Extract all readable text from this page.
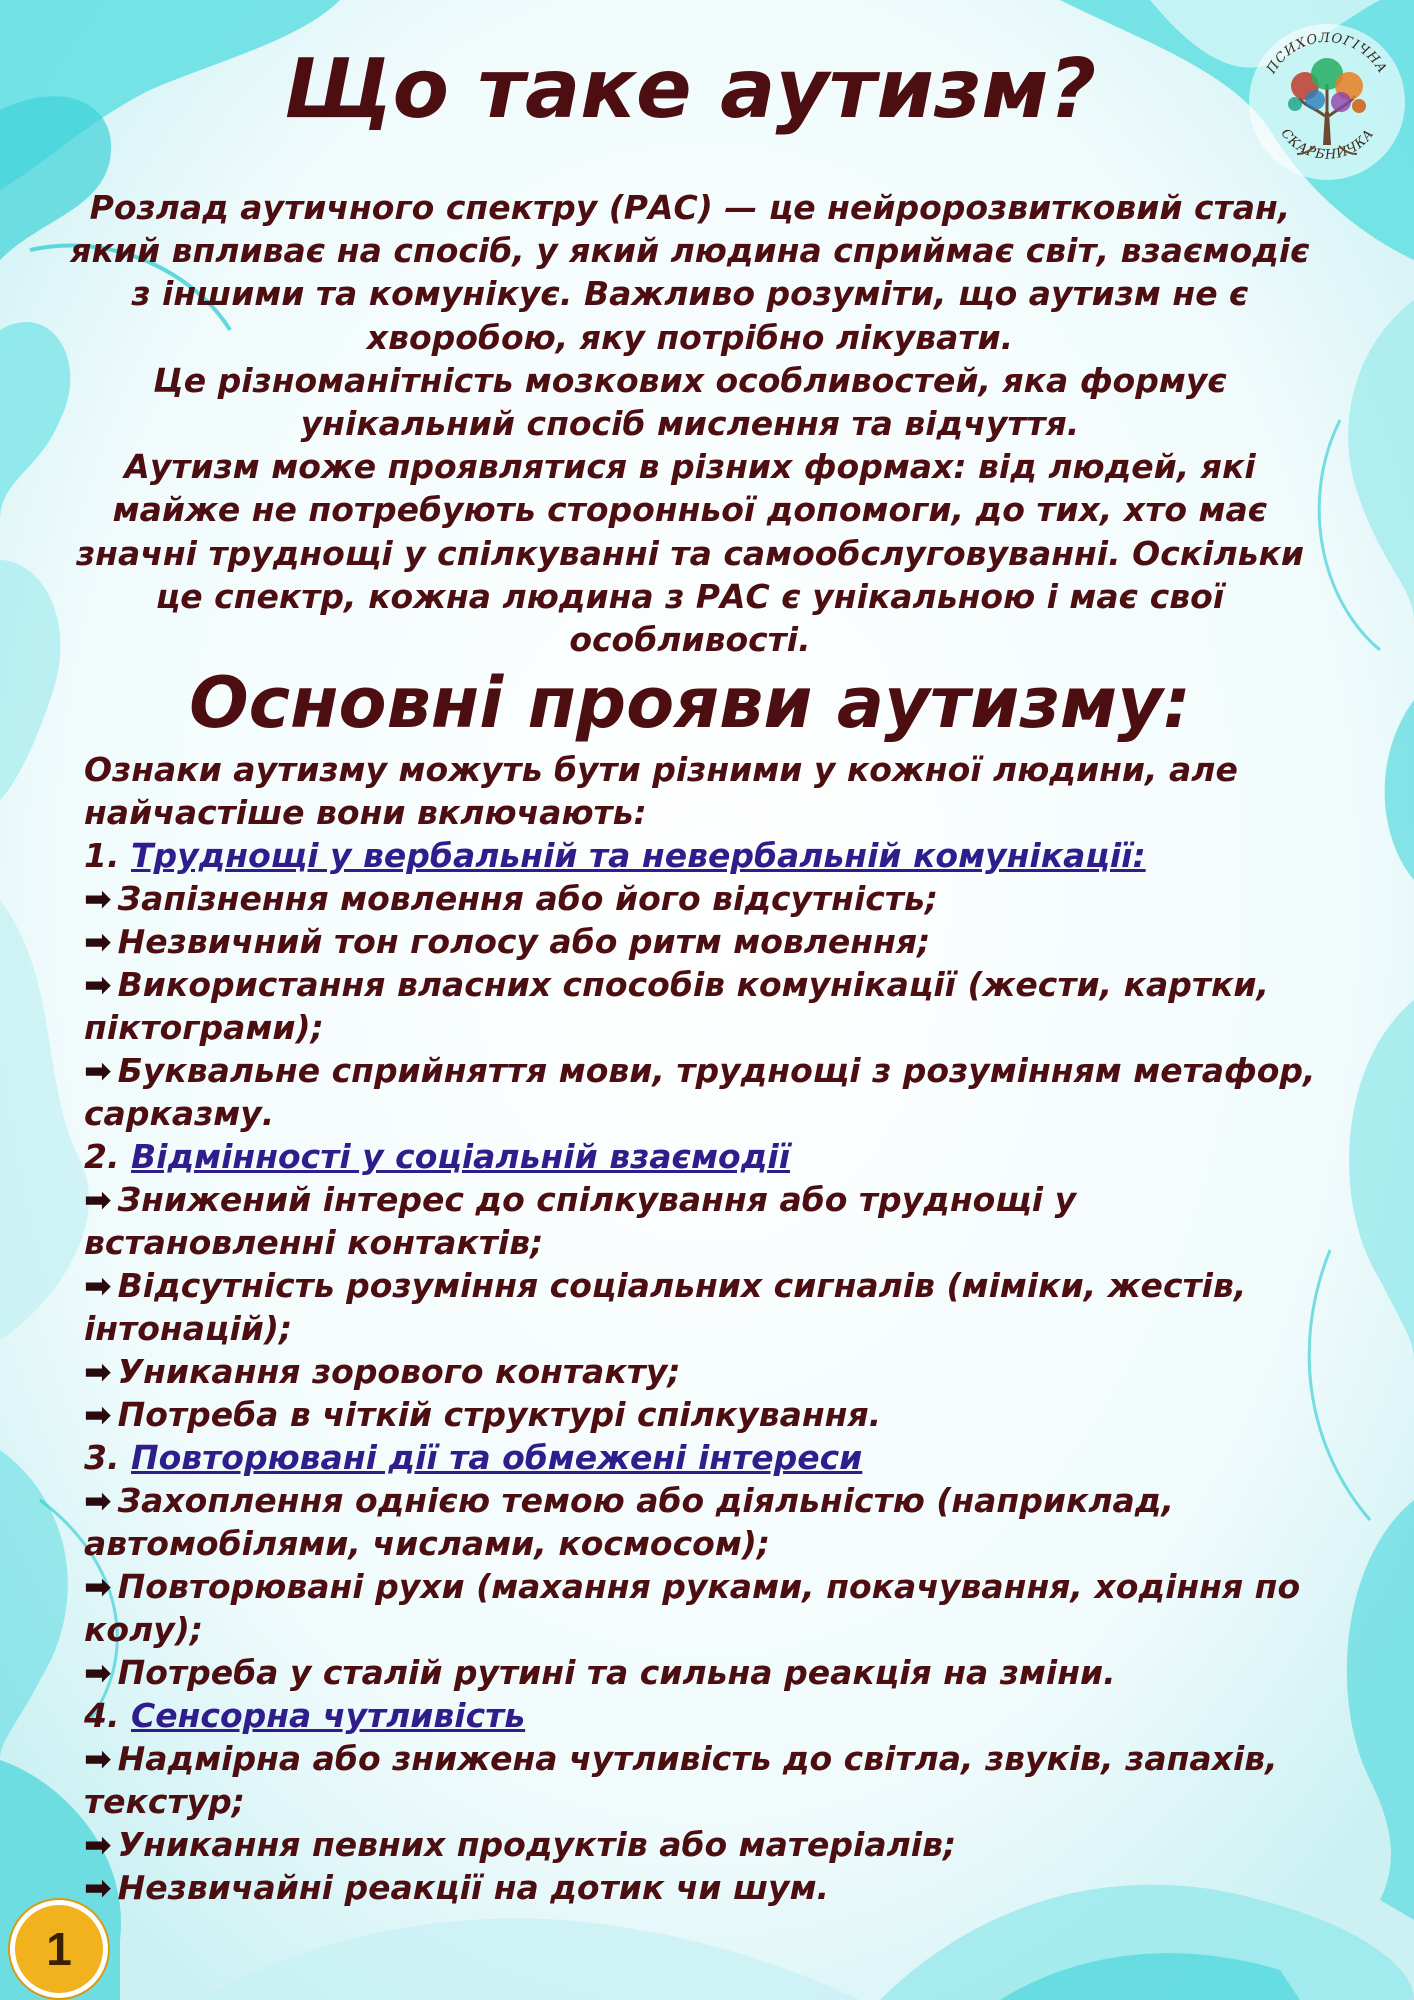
ПСИХОЛОГІЧНА
СКАРБНИЧКА
Що таке аутизм?

Розлад аутичного спектру (РАС) — це нейророзвитковий стан, який впливає на спосіб, у який людина сприймає світ, взаємодіє з іншими та комунікує. Важливо розуміти, що аутизм не є хворобою, яку потрібно лікувати.

Це різноманітність мозкових особливостей, яка формує унікальний спосіб мислення та відчуття.

Аутизм може проявлятися в різних формах: від людей, які майже не потребують сторонньої допомоги, до тих, хто має значні труднощі у спілкуванні та самообслуговуванні. Оскільки це спектр, кожна людина з РАС є унікальною і має свої особливості.

Основні прояви аутизму:

Ознаки аутизму можуть бути різними у кожної людини, але найчастіше вони включають:

1. Труднощі у вербальній та невербальній комунікації:

➡ Запізнення мовлення або його відсутність;

➡ Незвичний тон голосу або ритм мовлення;

➡ Використання власних способів комунікації (жести, картки, піктограми);

➡ Буквальне сприйняття мови, труднощі з розумінням метафор, сарказму.

2. Відмінності у соціальній взаємодії

➡ Знижений інтерес до спілкування або труднощі у встановленні контактів;

➡ Відсутність розуміння соціальних сигналів (міміки, жестів, інтонацій);

➡ Уникання зорового контакту;

➡ Потреба в чіткій структурі спілкування.

3. Повторювані дії та обмежені інтереси

➡ Захоплення однією темою або діяльністю (наприклад, автомобілями, числами, космосом);

➡ Повторювані рухи (махання руками, покачування, ходіння по колу);

➡ Потреба у сталій рутині та сильна реакція на зміни.

4. Сенсорна чутливість

➡ Надмірна або знижена чутливість до світла, звуків, запахів, текстур;

➡ Уникання певних продуктів або матеріалів;

➡ Незвичайні реакції на дотик чи шум.

1
